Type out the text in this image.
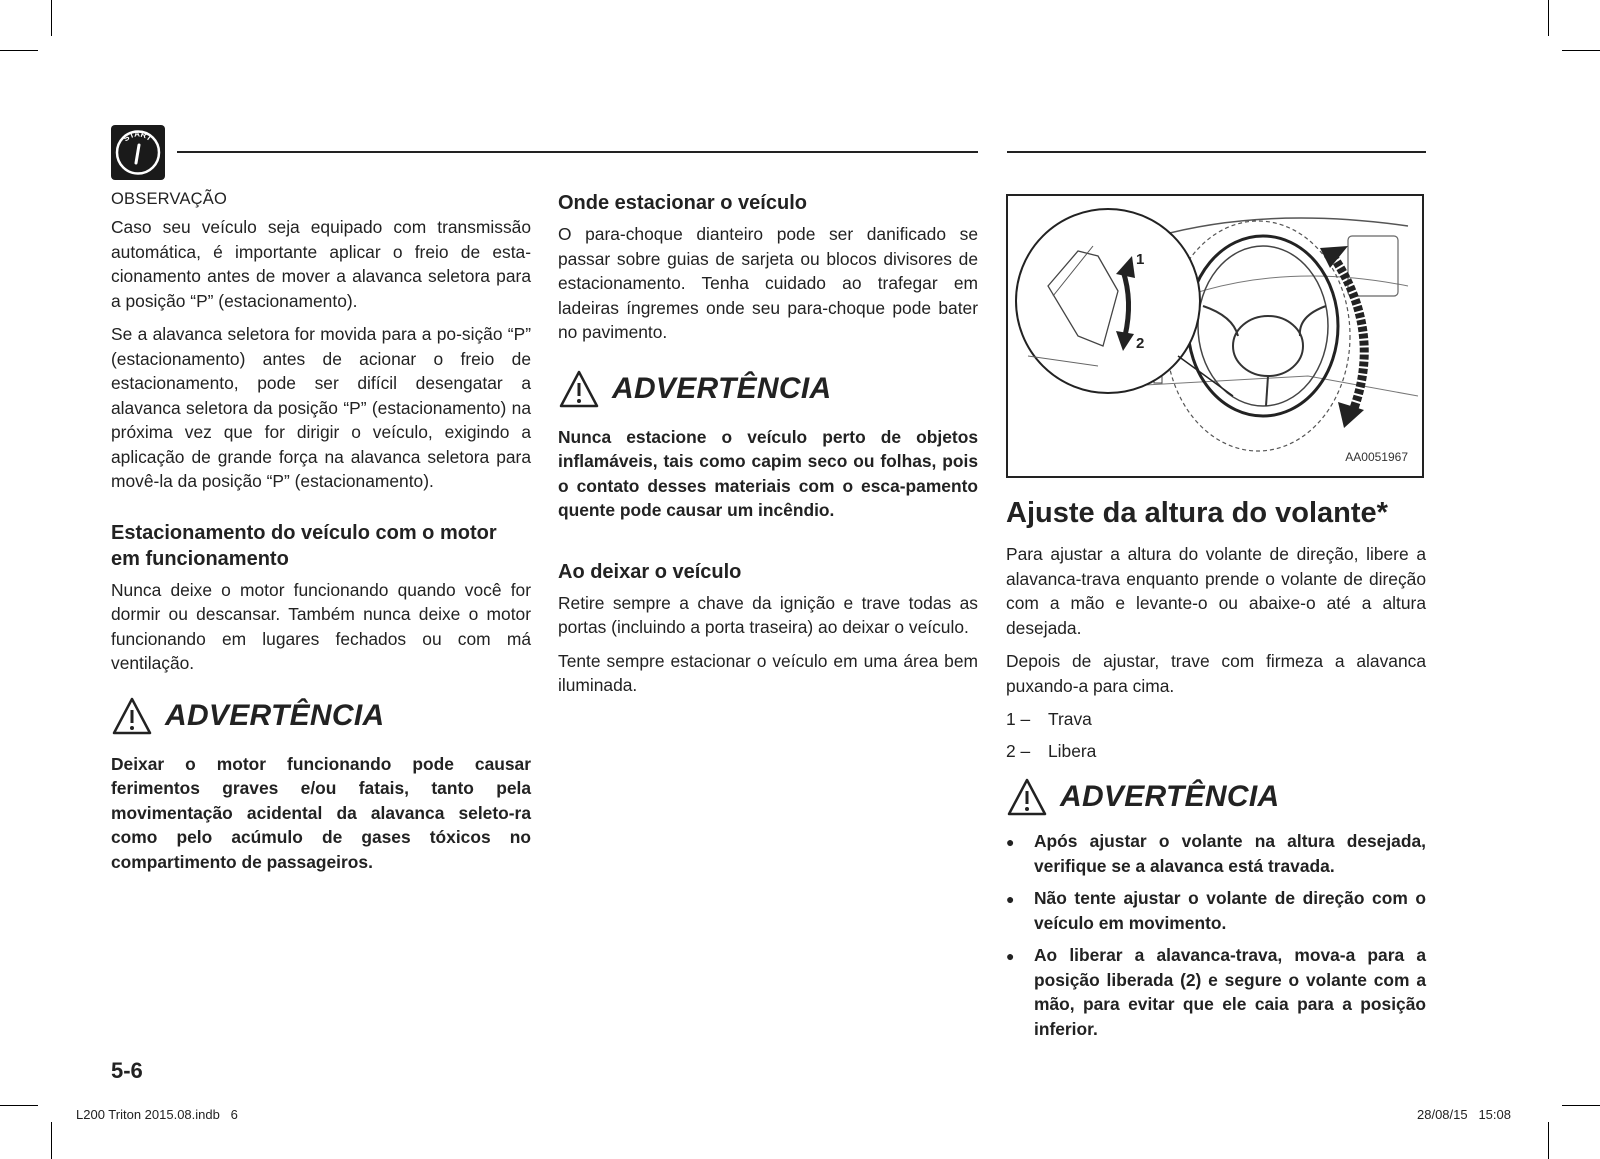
START
OBSERVAÇÃO

Caso seu veículo seja equipado com transmissão automática, é importante aplicar o freio de esta-cionamento antes de mover a alavanca seletora para a posição “P” (estacionamento).

Se a alavanca seletora for movida para a po-sição “P” (estacionamento) antes de acionar o freio de estacionamento, pode ser difícil desengatar a alavanca seletora da posição “P” (estacionamento) na próxima vez que for dirigir o veículo, exigindo a aplicação de grande força na alavanca seletora para movê-la da posição “P” (estacionamento).

Estacionamento do veículo com o motor em funcionamento

Nunca deixe o motor funcionando quando você for dormir ou descansar. Também nunca deixe o motor funcionando em lugares fechados ou com má ventilação.

ADVERTÊNCIA

Deixar o motor funcionando pode causar ferimentos graves e/ou fatais, tanto pela movimentação acidental da alavanca seleto-ra como pelo acúmulo de gases tóxicos no compartimento de passageiros.

Onde estacionar o veículo

O para-choque dianteiro pode ser danificado se passar sobre guias de sarjeta ou blocos divisores de estacionamento. Tenha cuidado ao trafegar em ladeiras íngremes onde seu para-choque pode bater no pavimento.

ADVERTÊNCIA

Nunca estacione o veículo perto de objetos inflamáveis, tais como capim seco ou folhas, pois o contato desses materiais com o esca-pamento quente pode causar um incêndio.

Ao deixar o veículo

Retire sempre a chave da ignição e trave todas as portas (incluindo a porta traseira) ao deixar o veículo.

Tente sempre estacionar o veículo em uma área bem iluminada.

1
2
AA0051967
Ajuste da altura do volante*

Para ajustar a altura do volante de direção, libere a alavanca-trava enquanto prende o volante de direção com a mão e levante-o ou abaixe-o até a altura desejada.

Depois de ajustar, trave com firmeza a alavanca puxando-a para cima.

1 –	Trava
2 –	Libera
ADVERTÊNCIA
●	Após ajustar o volante na altura desejada, verifique se a alavanca está travada.
●	Não tente ajustar o volante de direção com o veículo em movimento.
●	Ao liberar a alavanca-trava, mova-a para a posição liberada (2) e segure o volante com a mão, para evitar que ele caia para a posição inferior.
5-6
L200 Triton 2015.08.indb   6	28/08/15   15:08
